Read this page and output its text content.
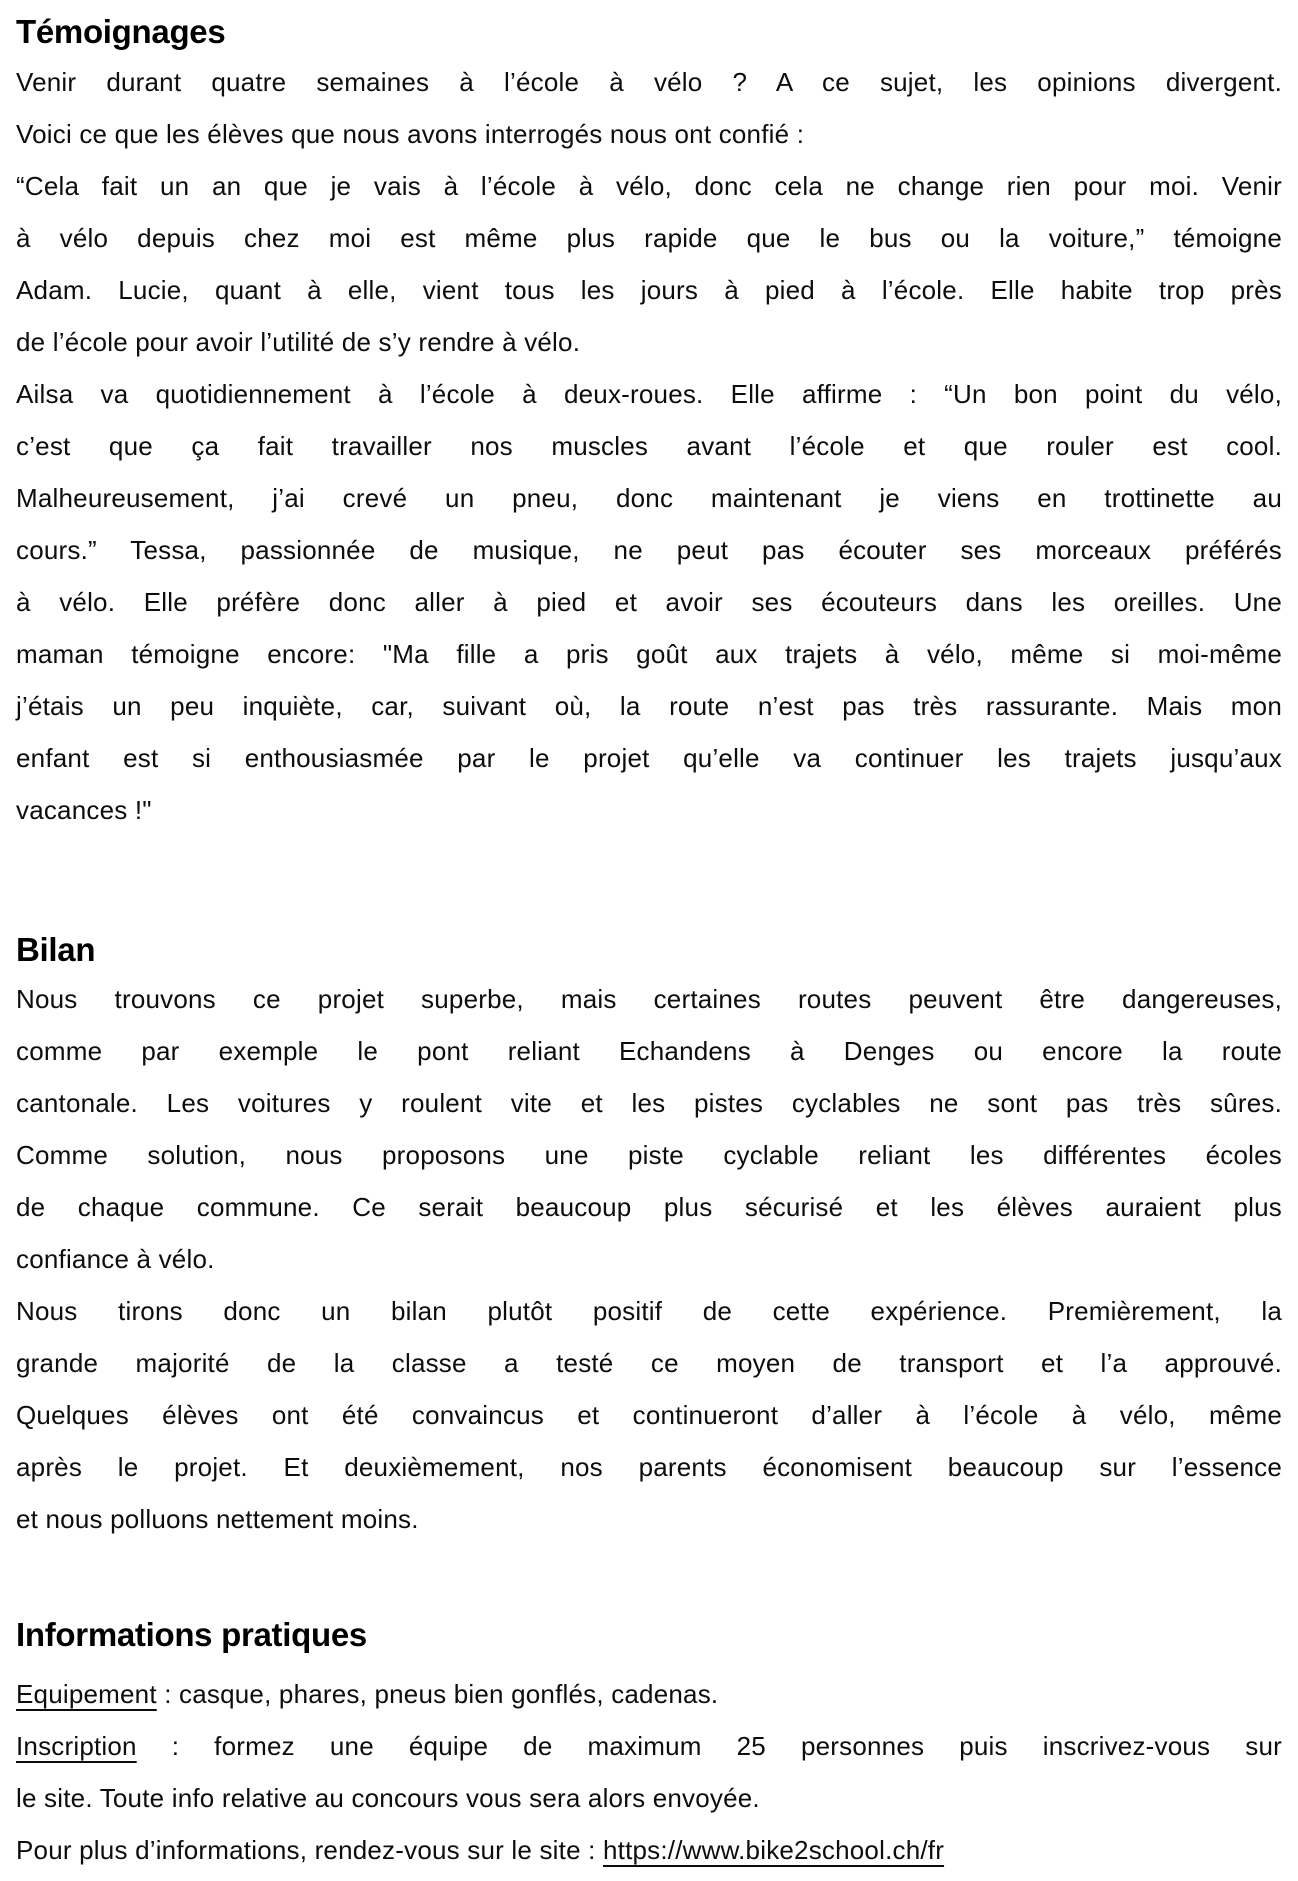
Témoignages
Venir durant quatre semaines à l’école à vélo ? A ce sujet, les opinions divergent.
Voici ce que les élèves que nous avons interrogés nous ont confié :
“Cela fait un an que je vais à l’école à vélo, donc cela ne change rien pour moi. Venir
à vélo depuis chez moi est même plus rapide que le bus ou la voiture,” témoigne
Adam. Lucie, quant à elle, vient tous les jours à pied à l’école. Elle habite trop près
de l’école pour avoir l’utilité de s’y rendre à vélo.
Ailsa va quotidiennement à l’école à deux-roues. Elle affirme : “Un bon point du vélo,
c’est que ça fait travailler nos muscles avant l’école et que rouler est cool.
Malheureusement, j’ai crevé un pneu, donc maintenant je viens en trottinette au
cours.” Tessa, passionnée de musique, ne peut pas écouter ses morceaux préférés
à vélo. Elle préfère donc aller à pied et avoir ses écouteurs dans les oreilles. Une
maman témoigne encore: "Ma fille a pris goût aux trajets à vélo, même si moi-même
j’étais un peu inquiète, car, suivant où, la route n’est pas très rassurante. Mais mon
enfant est si enthousiasmée par le projet qu’elle va continuer les trajets jusqu’aux
vacances !"
Bilan
Nous trouvons ce projet superbe, mais certaines routes peuvent être dangereuses,
comme par exemple le pont reliant Echandens à Denges ou encore la route
cantonale. Les voitures y roulent vite et les pistes cyclables ne sont pas très sûres.
Comme solution, nous proposons une piste cyclable reliant les différentes écoles
de chaque commune. Ce serait beaucoup plus sécurisé et les élèves auraient plus
confiance à vélo.
Nous tirons donc un bilan plutôt positif de cette expérience. Premièrement, la
grande majorité de la classe a testé ce moyen de transport et l’a approuvé.
Quelques élèves ont été convaincus et continueront d’aller à l’école à vélo, même
après le projet. Et deuxièmement, nos parents économisent beaucoup sur l’essence
et nous polluons nettement moins.
Informations pratiques
Equipement : casque, phares, pneus bien gonflés, cadenas.
Inscription : formez une équipe de maximum 25 personnes puis inscrivez-vous sur
le site. Toute info relative au concours vous sera alors envoyée.
Pour plus d’informations, rendez-vous sur le site : https://www.bike2school.ch/fr
